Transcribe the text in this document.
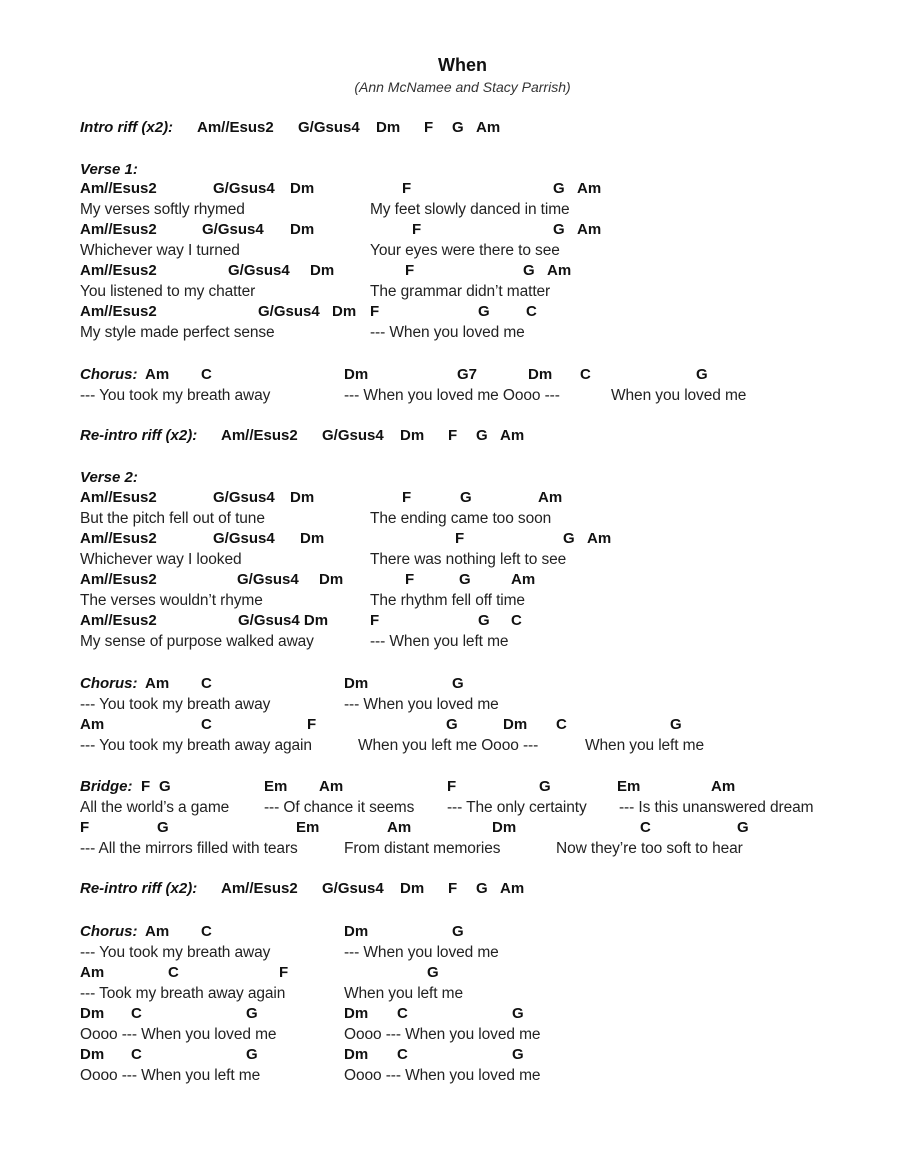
When
(Ann McNamee and Stacy Parrish)
Intro riff (x2): Am//Esus2 G/Gsus4 Dm F G Am
Verse 1:
Am//Esus2	G/Gsus4 Dm	F	G Am
My verses softly rhymed	My feet slowly danced in time
Am//Esus2	G/Gsus4 Dm	F	G Am
Whichever way I turned	Your eyes were there to see
Am//Esus2	G/Gsus4 Dm	F	G Am
You listened to my chatter	The grammar didn’t matter
Am//Esus2	G/Gsus4 Dm F	G C
My style made perfect sense	--- When you loved me
Chorus: Am C	Dm	G7	Dm C	G
--- You took my breath away	--- When you loved me Oooo ---	When you loved me
Re-intro riff (x2): Am//Esus2 G/Gsus4 Dm F G Am
Verse 2:
Am//Esus2	G/Gsus4 Dm	F	G	Am
But the pitch fell out of tune	The ending came too soon
Am//Esus2	G/Gsus4 Dm	F	G Am
Whichever way I looked	There was nothing left to see
Am//Esus2	G/Gsus4 Dm	F	G	Am
The verses wouldn’t rhyme	The rhythm fell off time
Am//Esus2	G/Gsus4 Dm	F	G C
My sense of purpose walked away	--- When you left me
Chorus: Am C	Dm	G
--- You took my breath away	--- When you loved me
Am	C	F	G	Dm C	G
--- You took my breath away again	When you left me Oooo ---	When you left me
Bridge: F G	Em Am	F	G	Em	Am
All the world’s a game --- Of chance it seems --- The only certainty --- Is this unanswered dream
F	G	Em	Am	Dm	C	G
--- All the mirrors filled with tears	From distant memories	Now they’re too soft to hear
Re-intro riff (x2): Am//Esus2 G/Gsus4 Dm F G Am
Chorus: Am C	Dm	G
--- You took my breath away	--- When you loved me
Am	C	F	G
--- Took my breath away again	When you left me
Dm C	G	Dm C	G
Oooo --- When you loved me	Oooo --- When you loved me
Dm C	G	Dm C	G
Oooo --- When you left me	Oooo --- When you loved me
